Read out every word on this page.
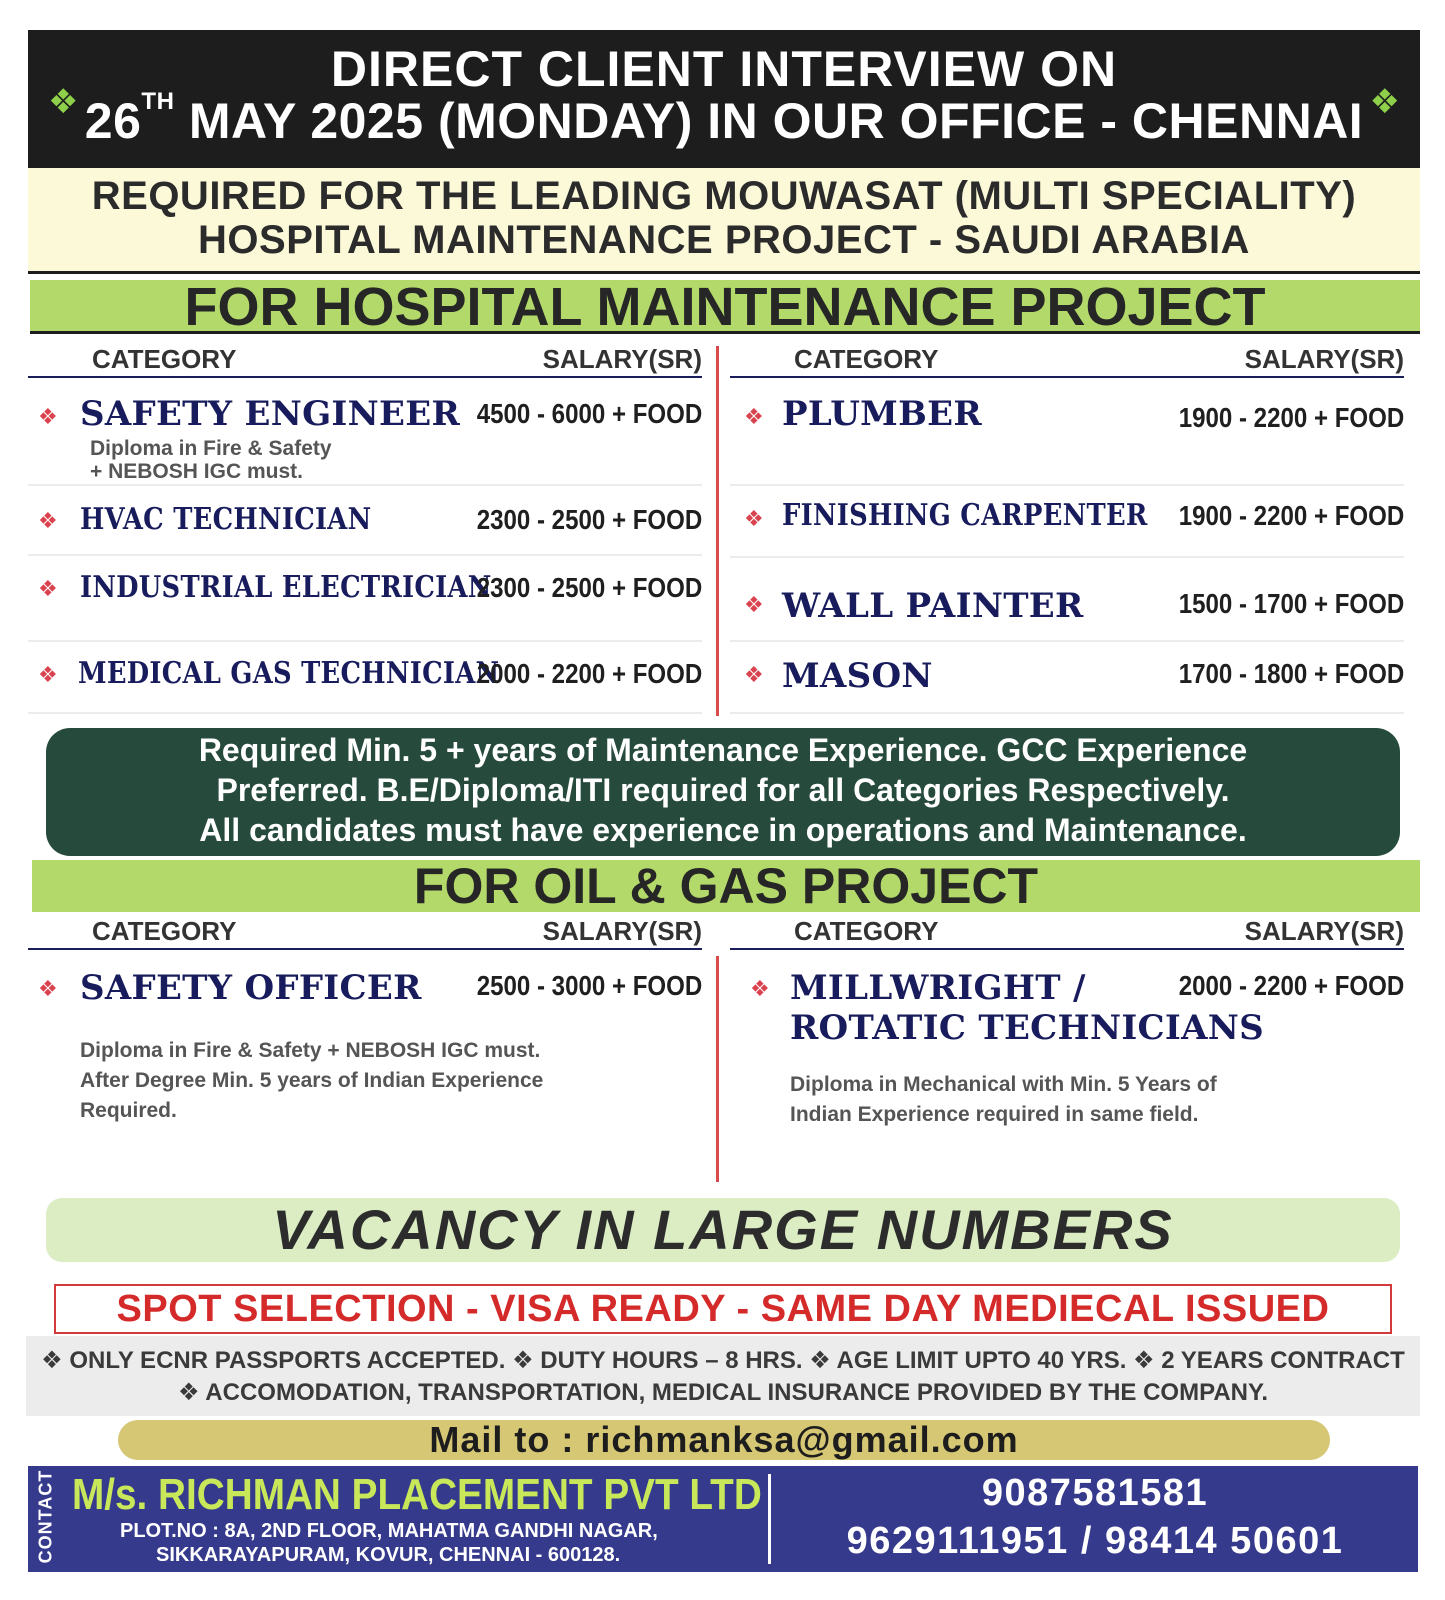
❖
DIRECT CLIENT INTERVIEW ON
26TH MAY 2025 (MONDAY) IN OUR OFFICE - CHENNAI ❖
REQUIRED FOR THE LEADING MOUWASAT (MULTI SPECIALITY)
HOSPITAL MAINTENANCE PROJECT - SAUDI ARABIA
FOR HOSPITAL MAINTENANCE PROJECT
CATEGORY	SALARY(SR)	CATEGORY	SALARY(SR)
❖ SAFETY ENGINEER 4500 - 6000 + FOOD
Diploma in Fire & Safety
+ NEBOSH IGC must.
❖ HVAC TECHNICIAN	2300 - 2500 + FOOD
❖ INDUSTRIAL ELECTRICIAN
2300 - 2500 + FOOD
❖ MEDICAL GAS TECHNICIAN
2000 - 2200 + FOOD
❖ PLUMBER	1900 - 2200 + FOOD
❖ FINISHING CARPENTER 1900 - 2200 + FOOD
❖ WALL PAINTER	1500 - 1700 + FOOD
❖ MASON	1700 - 1800 + FOOD
Required Min. 5 + years of Maintenance Experience. GCC Experience
Preferred. B.E/Diploma/ITI required for all Categories Respectively.
All candidates must have experience in operations and Maintenance.
FOR OIL & GAS PROJECT
CATEGORY	SALARY(SR)	CATEGORY	SALARY(SR)
❖ SAFETY OFFICER 2500 - 3000 + FOOD
Diploma in Fire & Safety + NEBOSH IGC must.
After Degree Min. 5 years of Indian Experience
Required.
❖ MILLWRIGHT /
ROTATIC TECHNICIANS
2000 - 2200 + FOOD
Diploma in Mechanical with Min. 5 Years of
Indian Experience required in same field.
VACANCY IN LARGE NUMBERS
SPOT SELECTION - VISA READY - SAME DAY MEDIECAL ISSUED
❖ ONLY ECNR PASSPORTS ACCEPTED. ❖ DUTY HOURS – 8 HRS. ❖ AGE LIMIT UPTO 40 YRS. ❖ 2 YEARS CONTRACT
❖ ACCOMODATION, TRANSPORTATION, MEDICAL INSURANCE PROVIDED BY THE COMPANY.
Mail to : richmanksa@gmail.com
CONTACT M/s. RICHMAN PLACEMENT PVT LTD
PLOT.NO : 8A, 2ND FLOOR, MAHATMA GANDHI NAGAR,
SIKKARAYAPURAM, KOVUR, CHENNAI - 600128.
9087581581
9629111951 / 98414 50601
